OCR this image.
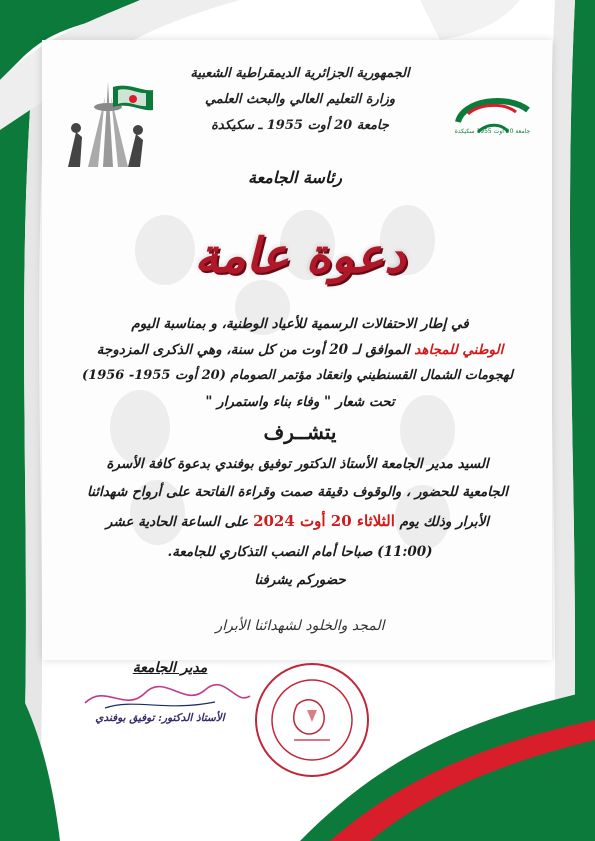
جامعة 20 أوت 1955 سكيكدة
الجمهورية الجزائرية الديمقراطية الشعبية
وزارة التعليم العالي والبحث العلمي
جامعة 20 أوت 1955 ـ سكيكدة
رئاسة الجامعة
دعوة عامة
في إطار الاحتفالات الرسمية للأعياد الوطنية، و بمناسبة اليوم
الوطني للمجاهد الموافق لـ 20 أوت من كل سنة، وهي الذكرى المزدوجة
لهجومات الشمال القسنطيني وانعقاد مؤتمر الصومام (20 أوت 1955- 1956)
تحت شعار " وفاء بناء واستمرار "
يتشــرف
السيد مدير الجامعة الأستاذ الدكتور توفيق بوفندي بدعوة كافة الأسرة
الجامعية للحضور ، والوقوف دقيقة صمت وقراءة الفاتحة على أرواح شهدائنا
الأبرار وذلك يوم الثلاثاء 20 أوت 2024 على الساعة الحادية عشر
(11:00) صباحا أمام النصب التذكاري للجامعة.
حضوركم يشرفنا
المجد والخلود لشهدائنا الأبرار
مدير الجامعة
الأستاذ الدكتور: توفيق بوفندي
